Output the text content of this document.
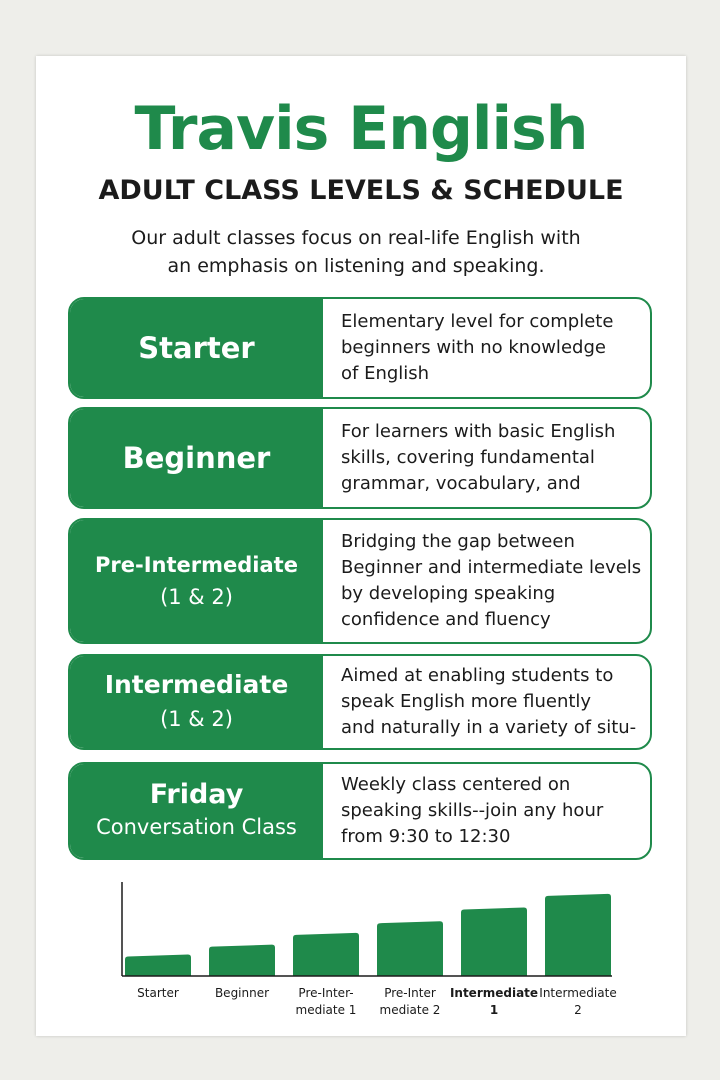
Travis English
ADULT CLASS LEVELS & SCHEDULE
Our adult classes focus on real-life English with
an emphasis on listening and speaking.
Starter
Elementary level for complete
beginners with no knowledge
of English
Beginner
For learners with basic English
skills, covering fundamental
grammar, vocabulary, and
Pre-Intermediate
(1 & 2)
Bridging the gap between
Beginner and intermediate levels
by developing speaking
confidence and fluency
Intermediate
(1 & 2)
Aimed at enabling students to
speak English more fluently
and naturally in a variety of situ-
Friday
Conversation Class
Weekly class centered on
speaking skills--join any hour
from 9:30 to 12:30
Starter	Beginner Pre-Inter-mediate 1
Pre-Inter mediate 2
Intermediate 1
Intermediate 2
